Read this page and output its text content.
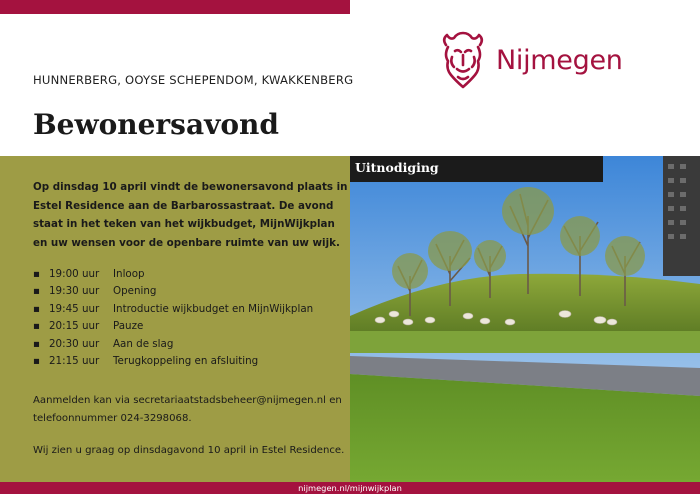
Nijmegen
HUNNERBERG, OOYSE SCHEPENDOM, KWAKKENBERG
Bewonersavond

Op dinsdag 10 april vindt de bewonersavond plaats in Estel Residence aan de Barbarossastraat. De avond staat in het teken van het wijkbudget, MijnWijkplan en uw wensen voor de openbare ruimte van uw wijk.

▪ 19:00 uur	Inloop
▪ 19:30 uur	Opening
▪ 19:45 uur	Introductie wijkbudget en MijnWijkplan
▪ 20:15 uur	Pauze
▪ 20:30 uur	Aan de slag
▪ 21:15 uur	Terugkoppeling en afsluiting

Aanmelden kan via secretariaatstadsbeheer@nijmegen.nl en telefoonnummer 024-3298068.

Wij zien u graag op dinsdagavond 10 april in Estel Residence.

Uitnodiging
nijmegen.nl/mijnwijkplan
